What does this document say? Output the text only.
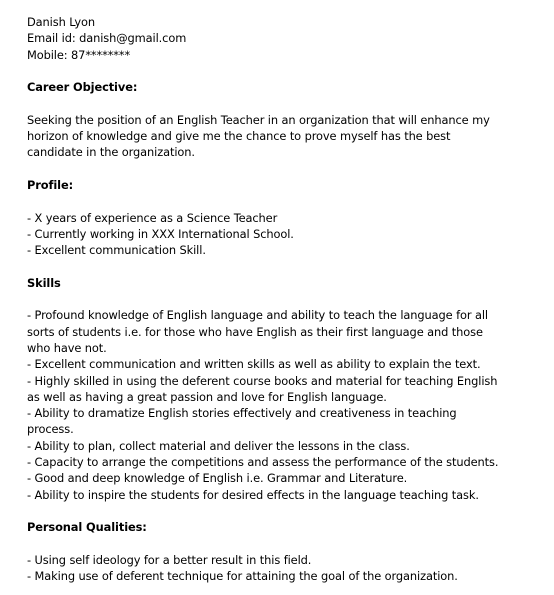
Danish Lyon
Email id: danish@gmail.com
Mobile: 87********
Career Objective:
Seeking the position of an English Teacher in an organization that will enhance my
horizon of knowledge and give me the chance to prove myself has the best
candidate in the organization.
Profile:
- X years of experience as a Science Teacher
- Currently working in XXX International School.
- Excellent communication Skill.
Skills
- Profound knowledge of English language and ability to teach the language for all
sorts of students i.e. for those who have English as their first language and those
who have not.
- Excellent communication and written skills as well as ability to explain the text.
- Highly skilled in using the deferent course books and material for teaching English
as well as having a great passion and love for English language.
- Ability to dramatize English stories effectively and creativeness in teaching
process.
- Ability to plan, collect material and deliver the lessons in the class.
- Capacity to arrange the competitions and assess the performance of the students.
- Good and deep knowledge of English i.e. Grammar and Literature.
- Ability to inspire the students for desired effects in the language teaching task.
Personal Qualities:
- Using self ideology for a better result in this field.
- Making use of deferent technique for attaining the goal of the organization.
